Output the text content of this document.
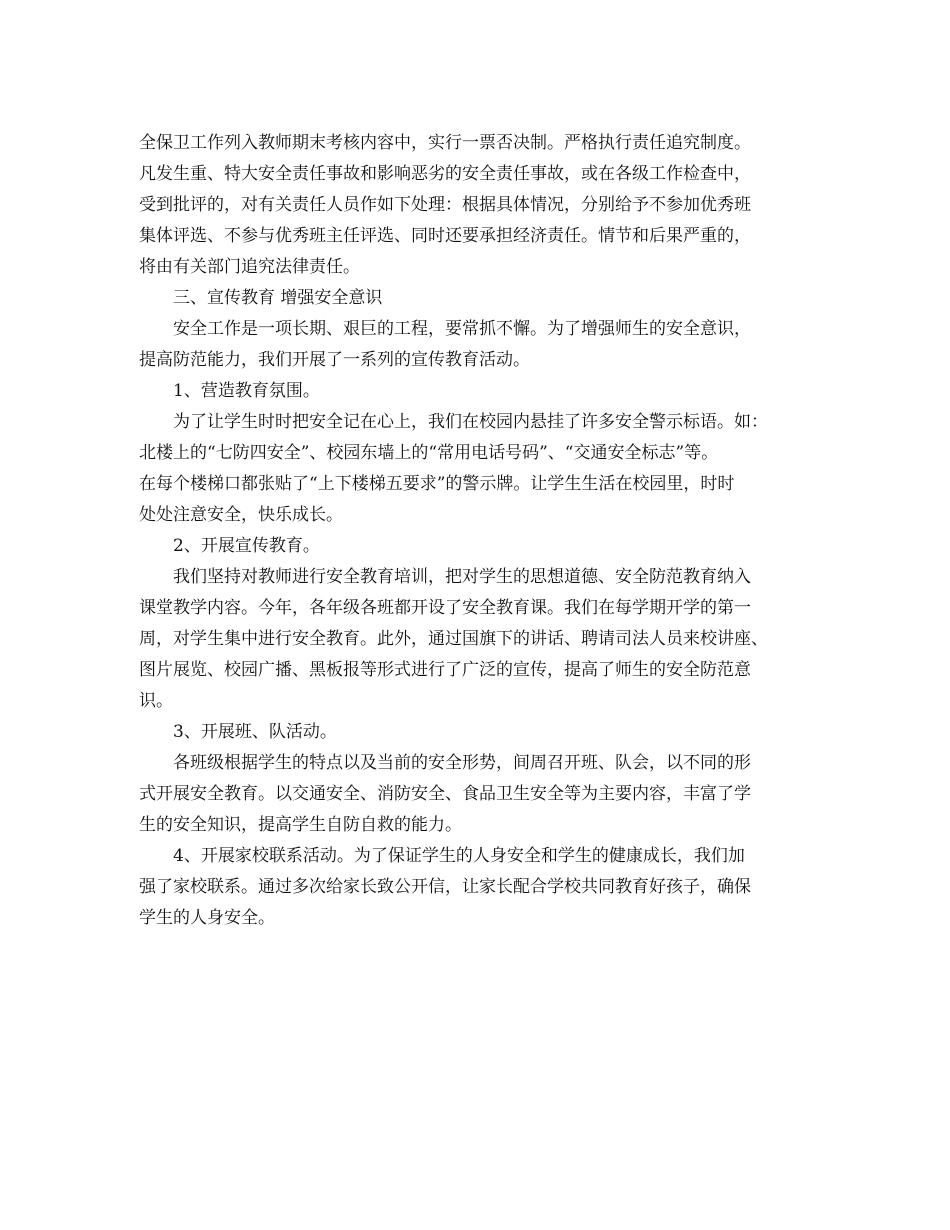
全保卫工作列入教师期末考核内容中，实行一票否决制。严格执行责任追究制度。
凡发生重、特大安全责任事故和影响恶劣的安全责任事故，或在各级工作检查中，
受到批评的，对有关责任人员作如下处理：根据具体情况，分别给予不参加优秀班
集体评选、不参与优秀班主任评选、同时还要承担经济责任。情节和后果严重的，
将由有关部门追究法律责任。
三、宣传教育 增强安全意识
安全工作是一项长期、艰巨的工程，要常抓不懈。为了增强师生的安全意识，
提高防范能力，我们开展了一系列的宣传教育活动。
1、营造教育氛围。
为了让学生时时把安全记在心上，我们在校园内悬挂了许多安全警示标语。如：
北楼上的“七防四安全”、校园东墙上的“常用电话号码”、“交通安全标志”等。
在每个楼梯口都张贴了“上下楼梯五要求”的警示牌。让学生生活在校园里，时时
处处注意安全，快乐成长。
2、开展宣传教育。
我们坚持对教师进行安全教育培训，把对学生的思想道德、安全防范教育纳入
课堂教学内容。今年，各年级各班都开设了安全教育课。我们在每学期开学的第一
周，对学生集中进行安全教育。此外，通过国旗下的讲话、聘请司法人员来校讲座、
图片展览、校园广播、黑板报等形式进行了广泛的宣传，提高了师生的安全防范意
识。
3、开展班、队活动。
各班级根据学生的特点以及当前的安全形势，间周召开班、队会，以不同的形
式开展安全教育。以交通安全、消防安全、食品卫生安全等为主要内容，丰富了学
生的安全知识，提高学生自防自救的能力。
4、开展家校联系活动。为了保证学生的人身安全和学生的健康成长，我们加
强了家校联系。通过多次给家长致公开信，让家长配合学校共同教育好孩子，确保
学生的人身安全。
